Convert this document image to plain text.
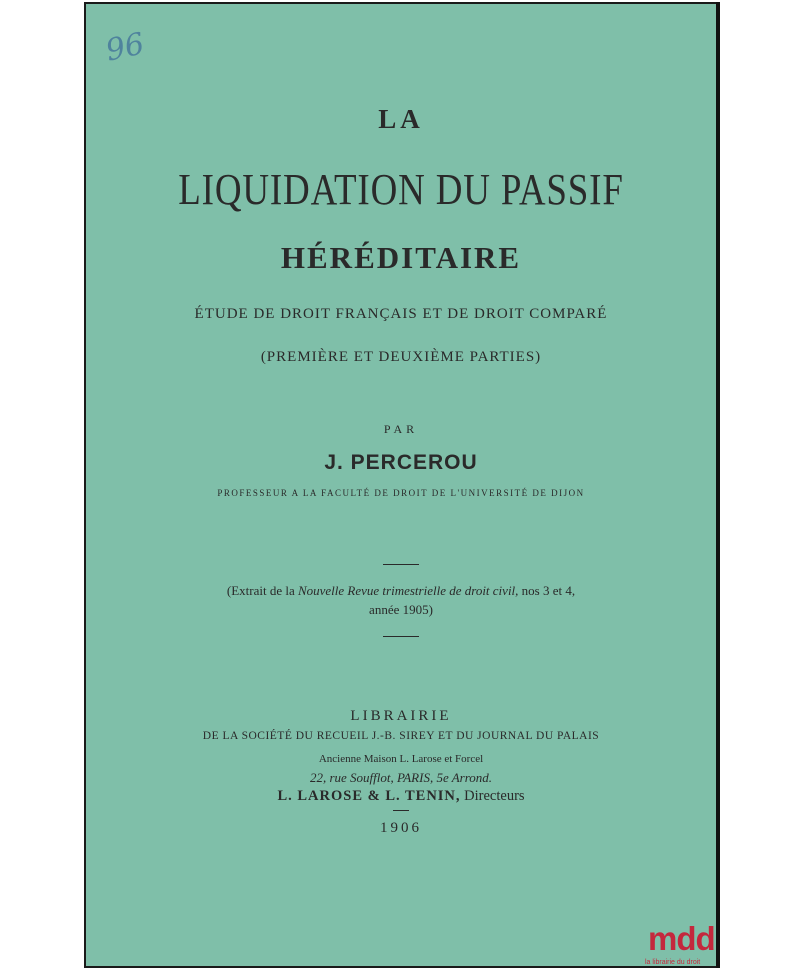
96
LA
LIQUIDATION DU PASSIF
HÉRÉDITAIRE
ÉTUDE DE DROIT FRANÇAIS ET DE DROIT COMPARÉ
(PREMIÈRE ET DEUXIÈME PARTIES)
PAR
J. PERCEROU
PROFESSEUR A LA FACULTÉ DE DROIT DE L'UNIVERSITÉ DE DIJON
(Extrait de la Nouvelle Revue trimestrielle de droit civil, nos 3 et 4,
année 1905)
LIBRAIRIE
DE LA SOCIÉTÉ DU RECUEIL J.-B. SIREY ET DU JOURNAL DU PALAIS
Ancienne Maison L. Larose et Forcel
22, rue Soufflot, PARIS, 5e Arrond.
L. LAROSE & L. TENIN, Directeurs
1906
mdd
la librairie du droit
